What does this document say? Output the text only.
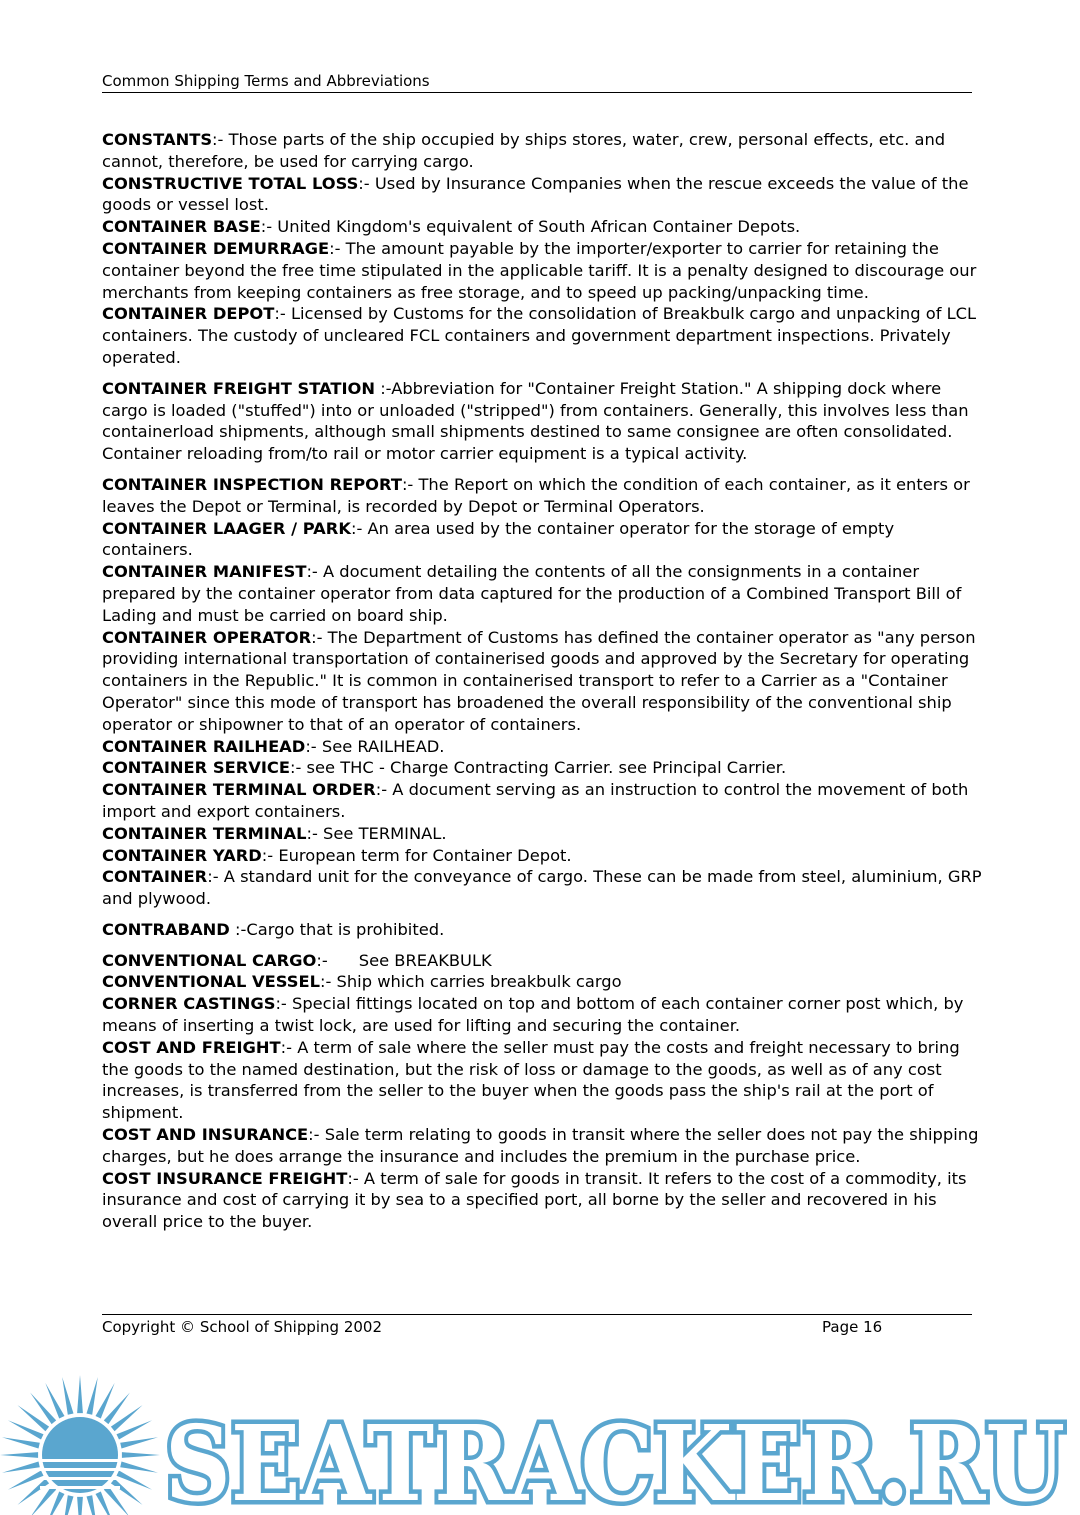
Common Shipping Terms and Abbreviations

CONSTANTS:- Those parts of the ship occupied by ships stores, water, crew, personal effects, etc. and cannot, therefore, be used for carrying cargo.

CONSTRUCTIVE TOTAL LOSS:- Used by Insurance Companies when the rescue exceeds the value of the goods or vessel lost.

CONTAINER BASE:- United Kingdom's equivalent of South African Container Depots.

CONTAINER DEMURRAGE:- The amount payable by the importer/exporter to carrier for retaining the container beyond the free time stipulated in the applicable tariff. It is a penalty designed to discourage our merchants from keeping containers as free storage, and to speed up packing/unpacking time.

CONTAINER DEPOT:- Licensed by Customs for the consolidation of Breakbulk cargo and unpacking of LCL containers. The custody of uncleared FCL containers and government department inspections. Privately operated.

CONTAINER FREIGHT STATION :-Abbreviation for "Container Freight Station." A shipping dock where cargo is loaded ("stuffed") into or unloaded ("stripped") from containers. Generally, this involves less than containerload shipments, although small shipments destined to same consignee are often consolidated. Container reloading from/to rail or motor carrier equipment is a typical activity.

CONTAINER INSPECTION REPORT:- The Report on which the condition of each container, as it enters or leaves the Depot or Terminal, is recorded by Depot or Terminal Operators.

CONTAINER LAAGER / PARK:- An area used by the container operator for the storage of empty containers.

CONTAINER MANIFEST:- A document detailing the contents of all the consignments in a container prepared by the container operator from data captured for the production of a Combined Transport Bill of Lading and must be carried on board ship.

CONTAINER OPERATOR:- The Department of Customs has defined the container operator as "any person providing international transportation of containerised goods and approved by the Secretary for operating containers in the Republic." It is common in containerised transport to refer to a Carrier as a "Container Operator" since this mode of transport has broadened the overall responsibility of the conventional ship operator or shipowner to that of an operator of containers.

CONTAINER RAILHEAD:- See RAILHEAD.

CONTAINER SERVICE:- see THC - Charge Contracting Carrier. see Principal Carrier.

CONTAINER TERMINAL ORDER:- A document serving as an instruction to control the movement of both import and export containers.

CONTAINER TERMINAL:- See TERMINAL.

CONTAINER YARD:- European term for Container Depot.

CONTAINER:- A standard unit for the conveyance of cargo. These can be made from steel, aluminium, GRP and plywood.

CONTRABAND :-Cargo that is prohibited.

CONVENTIONAL CARGO:-      See BREAKBULK

CONVENTIONAL VESSEL:- Ship which carries breakbulk cargo

CORNER CASTINGS:- Special fittings located on top and bottom of each container corner post which, by means of inserting a twist lock, are used for lifting and securing the container.

COST AND FREIGHT:- A term of sale where the seller must pay the costs and freight necessary to bring the goods to the named destination, but the risk of loss or damage to the goods, as well as of any cost increases, is transferred from the seller to the buyer when the goods pass the ship's rail at the port of shipment.

COST AND INSURANCE:- Sale term relating to goods in transit where the seller does not pay the shipping charges, but he does arrange the insurance and includes the premium in the purchase price.

COST INSURANCE FREIGHT:- A term of sale for goods in transit. It refers to the cost of a commodity, its insurance and cost of carrying it by sea to a specified port, all borne by the seller and recovered in his overall price to the buyer.

Copyright © School of Shipping 2002	Page 16
SEATRACKER.RU
